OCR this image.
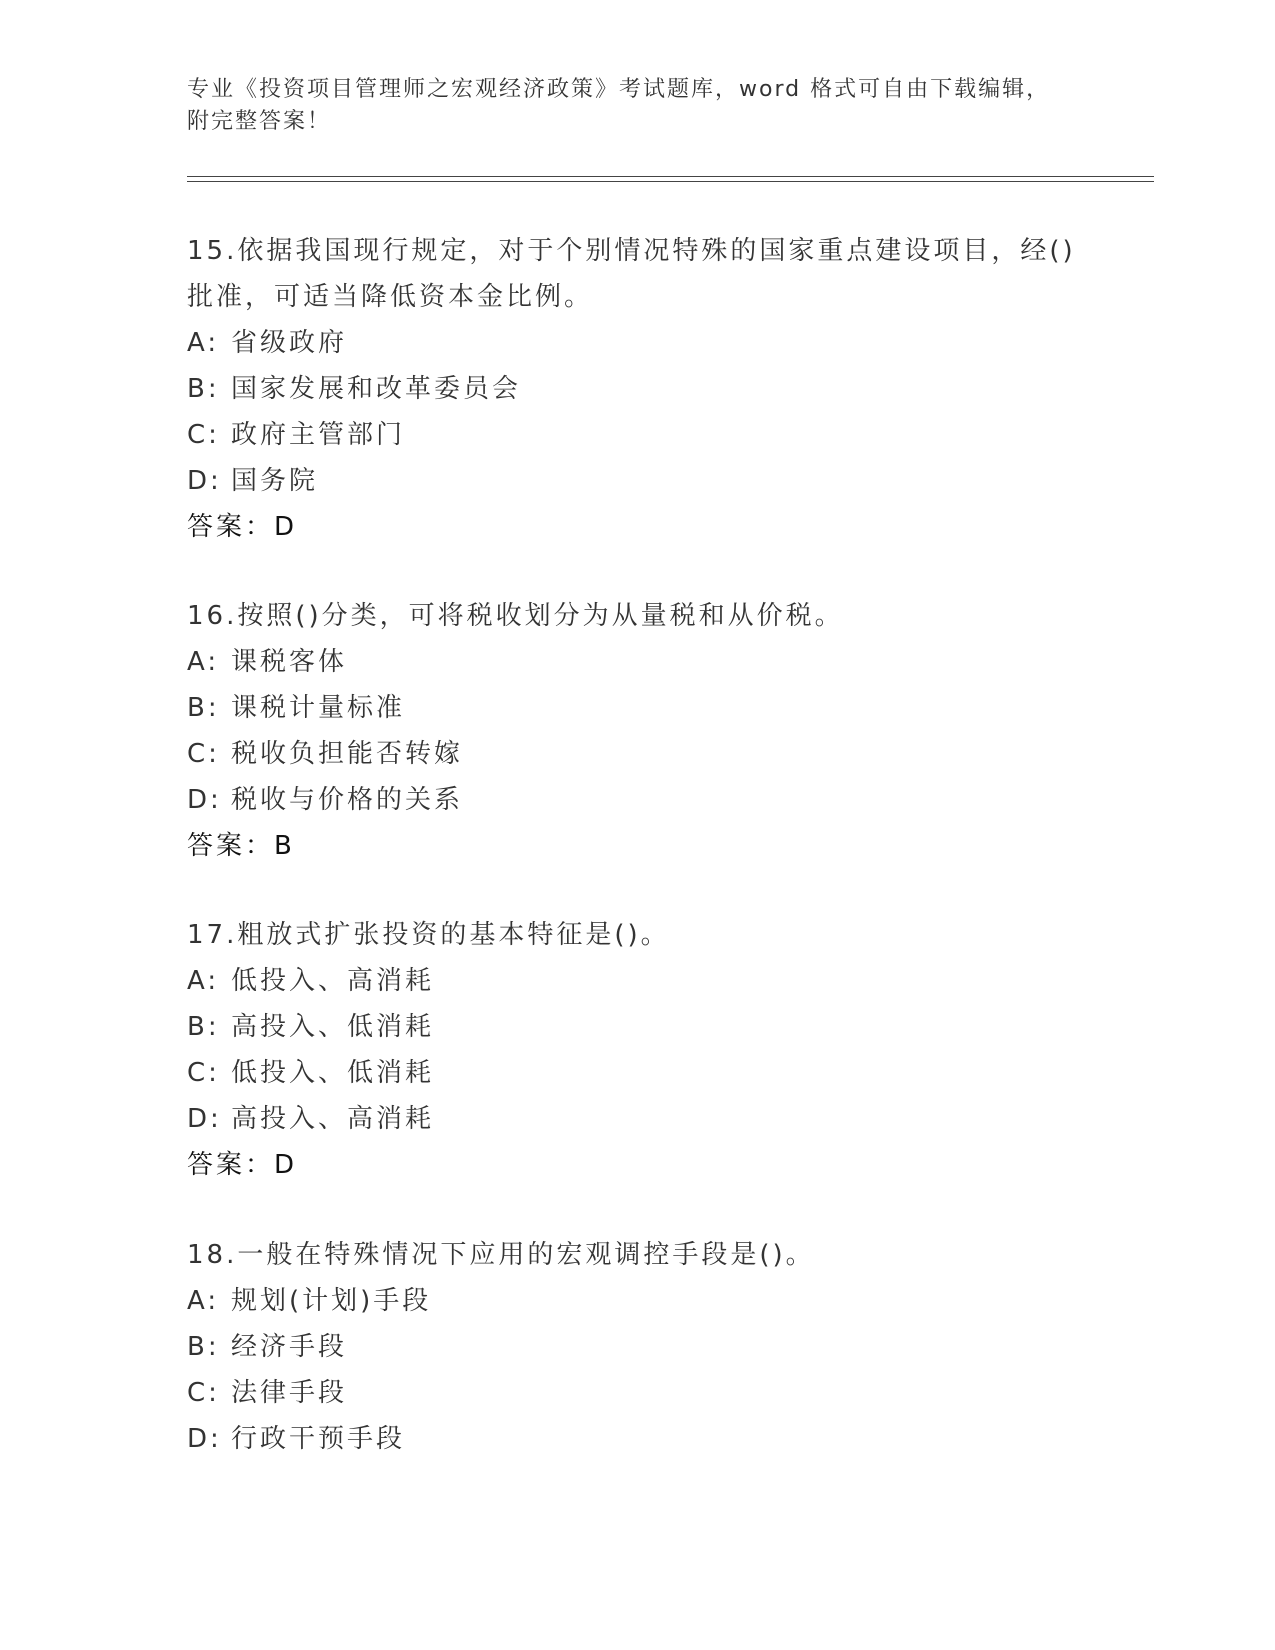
专业《投资项目管理师之宏观经济政策》考试题库，word 格式可自由下载编辑，
附完整答案！

15.依据我国现行规定，对于个别情况特殊的国家重点建设项目，经()

批准，可适当降低资本金比例。

A: 省级政府

B: 国家发展和改革委员会

C: 政府主管部门

D: 国务院

答案：D

16.按照()分类，可将税收划分为从量税和从价税。

A: 课税客体

B: 课税计量标准

C: 税收负担能否转嫁

D: 税收与价格的关系

答案：B

17.粗放式扩张投资的基本特征是()。

A: 低投入、高消耗

B: 高投入、低消耗

C: 低投入、低消耗

D: 高投入、高消耗

答案：D

18.一般在特殊情况下应用的宏观调控手段是()。

A: 规划(计划)手段

B: 经济手段

C: 法律手段

D: 行政干预手段
